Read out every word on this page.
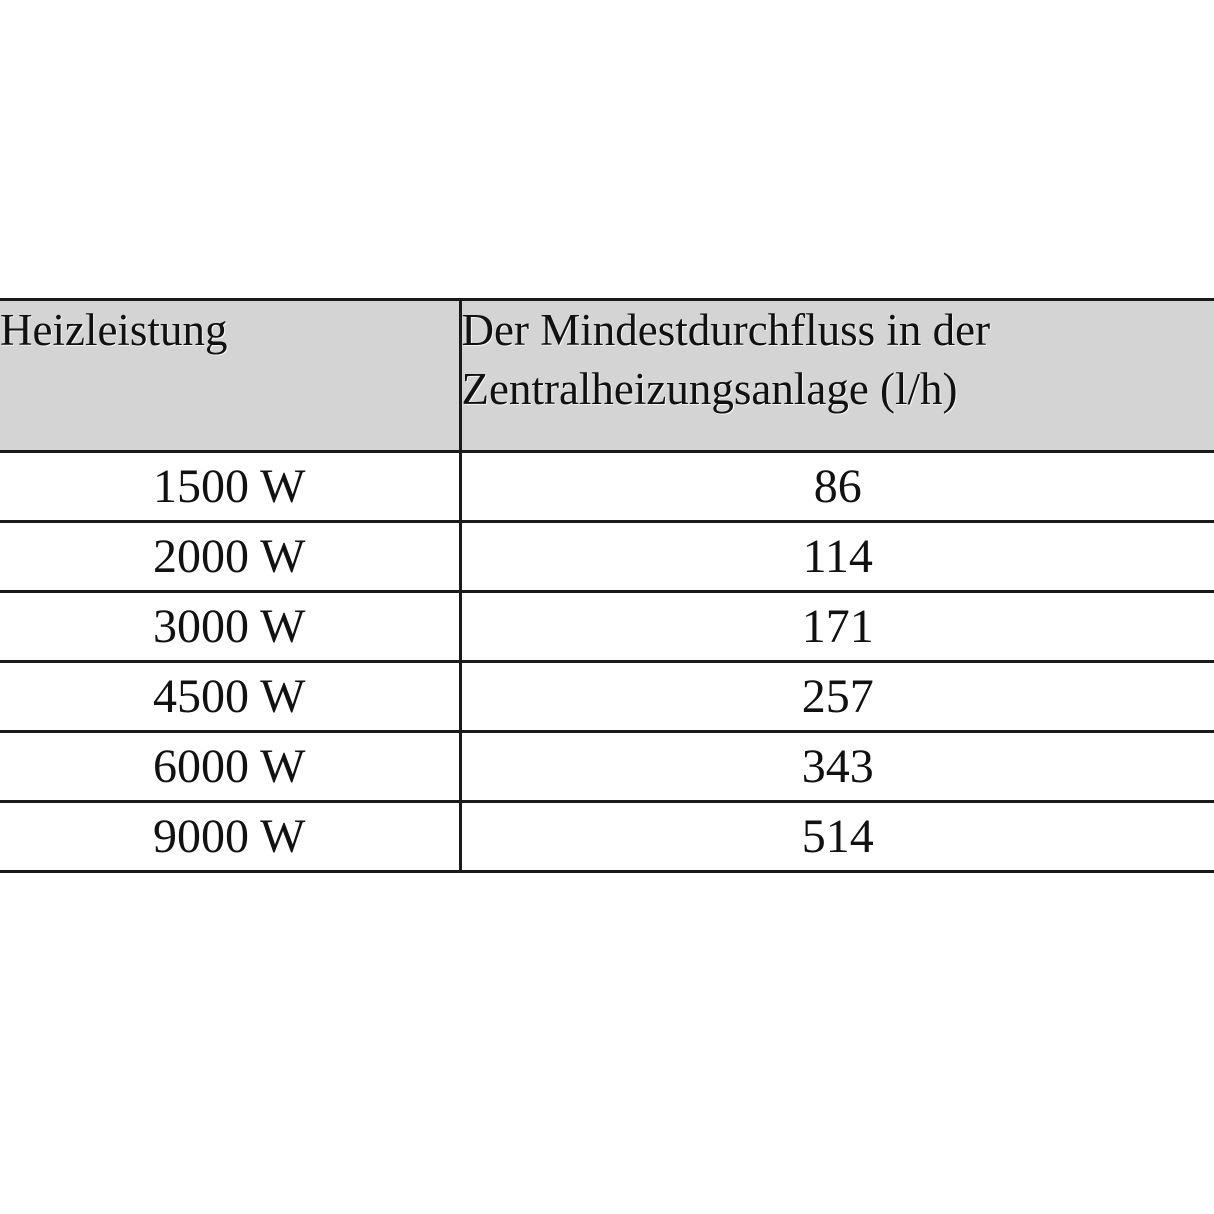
Heizleistung	Der Mindestdurchfluss in der
Zentralheizungsanlage (l/h)

1500 W	86
2000 W	114
3000 W	171
4500 W	257
6000 W	343
9000 W	514
